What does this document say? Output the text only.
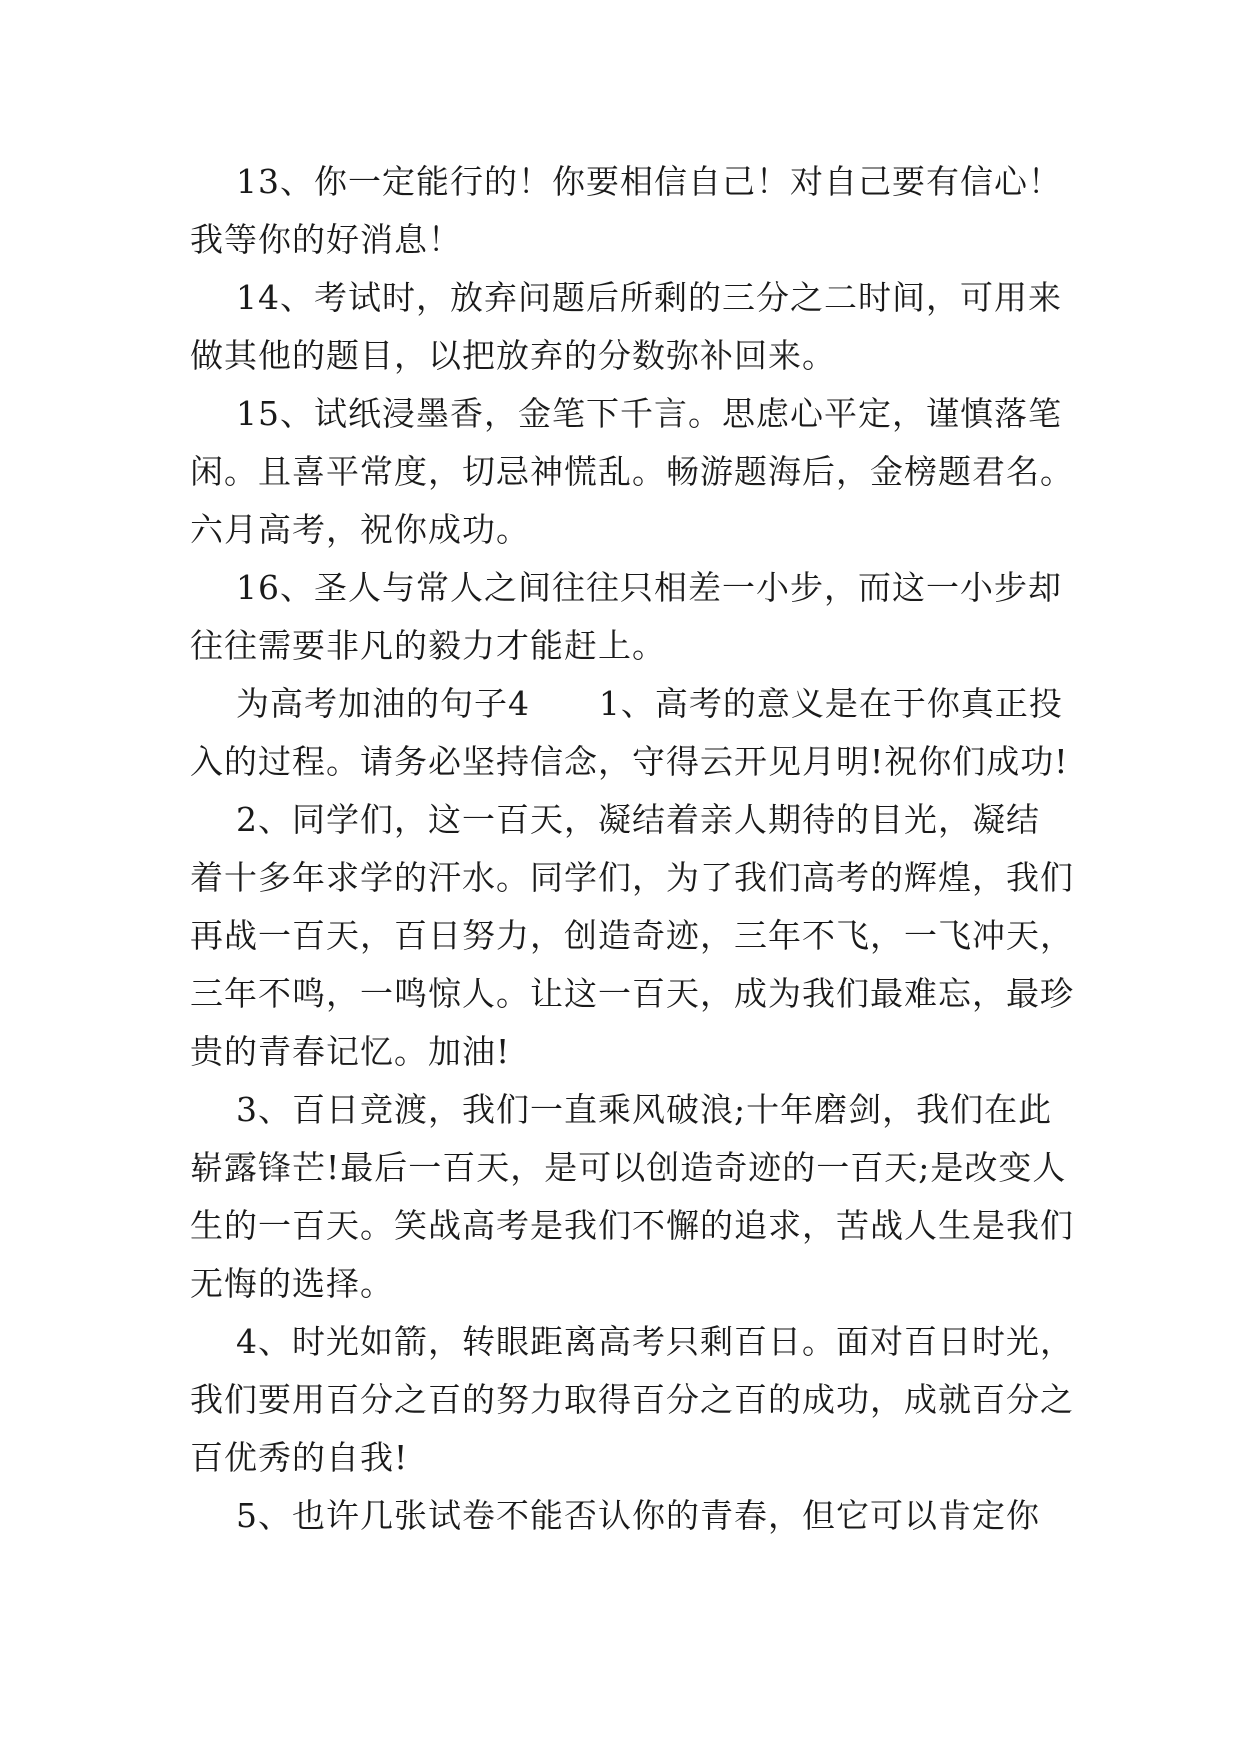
13、你一定能行的！你要相信自己！对自己要有信心！
我等你的好消息！
14、考试时，放弃问题后所剩的三分之二时间，可用来
做其他的题目，以把放弃的分数弥补回来。
15、试纸浸墨香，金笔下千言。思虑心平定，谨慎落笔
闲。且喜平常度，切忌神慌乱。畅游题海后，金榜题君名。
六月高考，祝你成功。
16、圣人与常人之间往往只相差一小步，而这一小步却
往往需要非凡的毅力才能赶上。
为高考加油的句子4      1、高考的意义是在于你真正投
入的过程。请务必坚持信念，守得云开见月明!祝你们成功!
2、同学们，这一百天，凝结着亲人期待的目光，凝结
着十多年求学的汗水。同学们，为了我们高考的辉煌，我们
再战一百天，百日努力，创造奇迹，三年不飞，一飞冲天，
三年不鸣，一鸣惊人。让这一百天，成为我们最难忘，最珍
贵的青春记忆。加油!
3、百日竞渡，我们一直乘风破浪;十年磨剑，我们在此
崭露锋芒!最后一百天，是可以创造奇迹的一百天;是改变人
生的一百天。笑战高考是我们不懈的追求，苦战人生是我们
无悔的选择。
4、时光如箭，转眼距离高考只剩百日。面对百日时光，
我们要用百分之百的努力取得百分之百的成功，成就百分之
百优秀的自我!
5、也许几张试卷不能否认你的青春，但它可以肯定你
